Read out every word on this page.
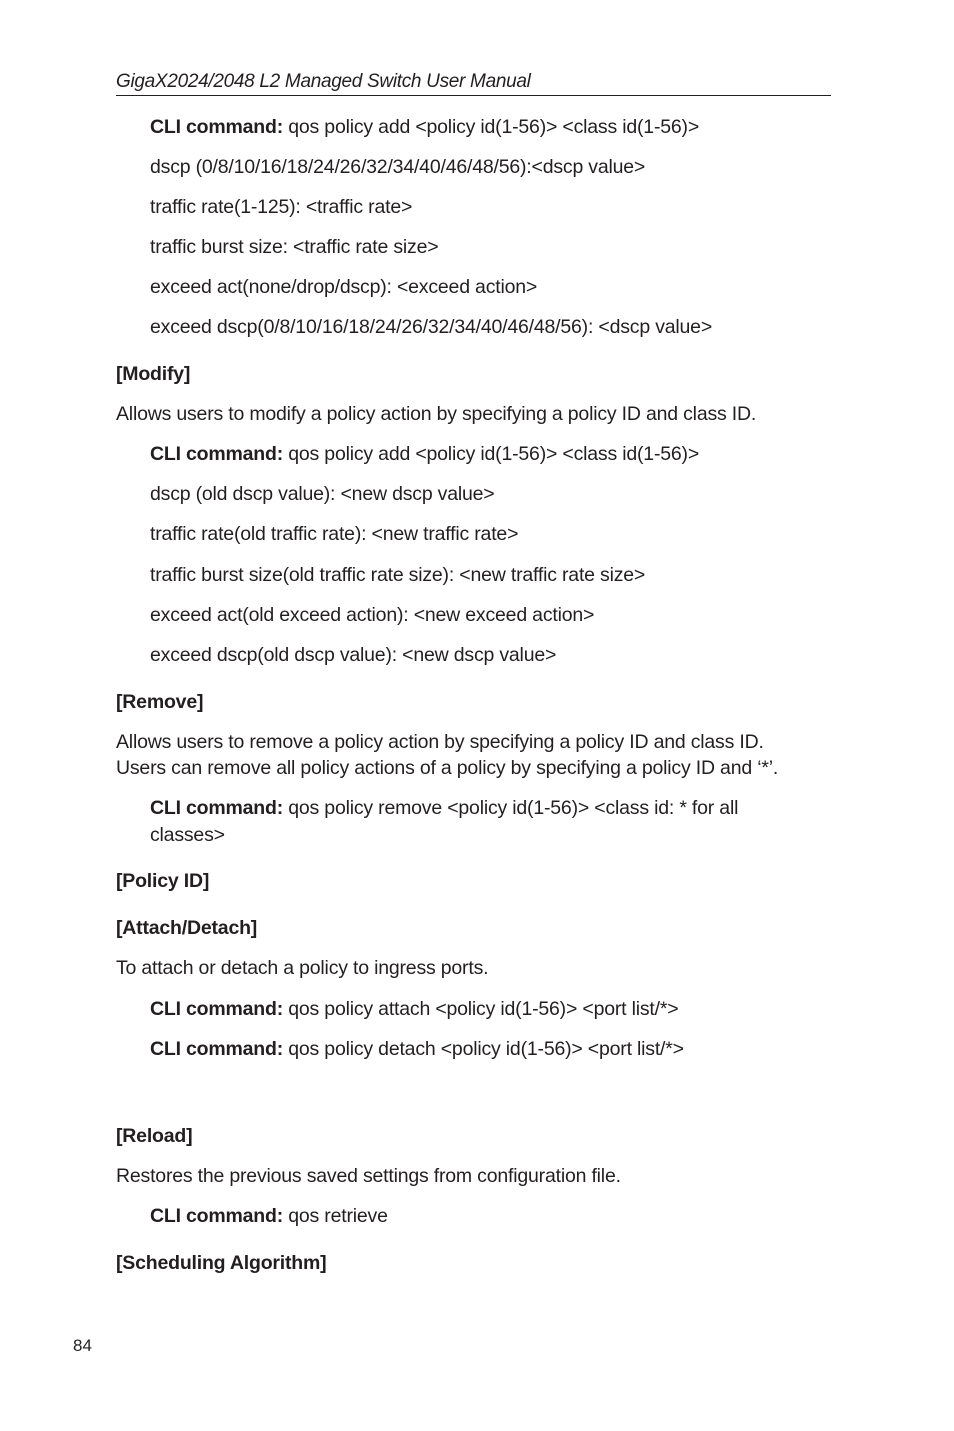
GigaX2024/2048 L2 Managed Switch User Manual
CLI command: qos policy add <policy id(1-56)> <class id(1-56)>
dscp (0/8/10/16/18/24/26/32/34/40/46/48/56):<dscp value>
traffic rate(1-125): <traffic rate>
traffic burst size: <traffic rate size>
exceed act(none/drop/dscp): <exceed action>
exceed dscp(0/8/10/16/18/24/26/32/34/40/46/48/56): <dscp value>
[Modify]
Allows users to modify a policy action by specifying a policy ID and class ID.
CLI command: qos policy add <policy id(1-56)> <class id(1-56)>
dscp (old dscp value): <new dscp value>
traffic rate(old traffic rate): <new traffic rate>
traffic burst size(old traffic rate size): <new traffic rate size>
exceed act(old exceed action): <new exceed action>
exceed dscp(old dscp value): <new dscp value>
[Remove]
Allows users to remove a policy action by specifying a policy ID and class ID.
Users can remove all policy actions of a policy by specifying a policy ID and ‘*’.
CLI command: qos policy remove <policy id(1-56)> <class id: * for all
classes>
[Policy ID]
[Attach/Detach]
To attach or detach a policy to ingress ports.
CLI command: qos policy attach <policy id(1-56)> <port list/*>
CLI command: qos policy detach <policy id(1-56)> <port list/*>
[Reload]
Restores the previous saved settings from configuration file.
CLI command: qos retrieve
[Scheduling Algorithm]
84
